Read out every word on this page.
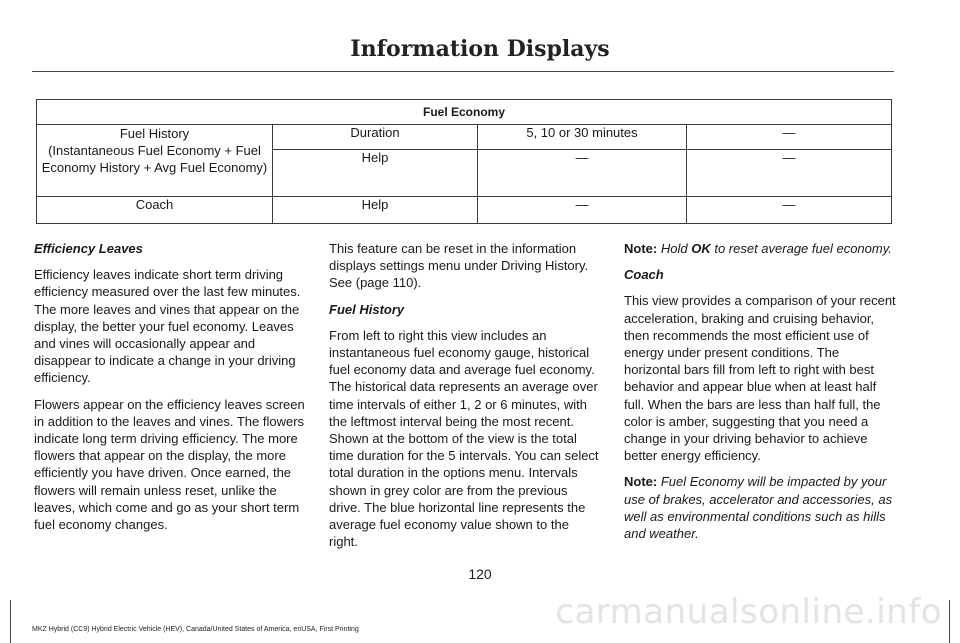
Information Displays
Fuel Economy			
Fuel History
(Instantaneous Fuel Economy + Fuel Economy History + Avg Fuel Economy)	Duration	5, 10 or 30 minutes	—
	Help	—	—
Coach	Help	—	—

Efficiency Leaves

Efficiency leaves indicate short term driving efficiency measured over the last few minutes. The more leaves and vines that appear on the display, the better your fuel economy. Leaves and vines will occasionally appear and disappear to indicate a change in your driving efficiency.

Flowers appear on the efficiency leaves screen in addition to the leaves and vines. The flowers indicate long term driving efficiency. The more flowers that appear on the display, the more efficiently you have driven. Once earned, the flowers will remain unless reset, unlike the leaves, which come and go as your short term fuel economy changes.

This feature can be reset in the information displays settings menu under Driving History. See (page 110).

Fuel History

From left to right this view includes an instantaneous fuel economy gauge, historical fuel economy data and average fuel economy. The historical data represents an average over time intervals of either 1, 2 or 6 minutes, with the leftmost interval being the most recent. Shown at the bottom of the view is the total time duration for the 5 intervals. You can select total duration in the options menu. Intervals shown in grey color are from the previous drive. The blue horizontal line represents the average fuel economy value shown to the right.

Note: Hold OK to reset average fuel economy.

Coach

This view provides a comparison of your recent acceleration, braking and cruising behavior, then recommends the most efficient use of energy under present conditions. The horizontal bars fill from left to right with best behavior and appear blue when at least half full. When the bars are less than half full, the color is amber, suggesting that you need a change in your driving behavior to achieve better energy efficiency.

Note: Fuel Economy will be impacted by your use of brakes, accelerator and accessories, as well as environmental conditions such as hills and weather.

120
MKZ Hybrid (CC9) Hybrid Electric Vehicle (HEV), Canada/United States of America, enUSA, First Printing	carmanualsonline.info
